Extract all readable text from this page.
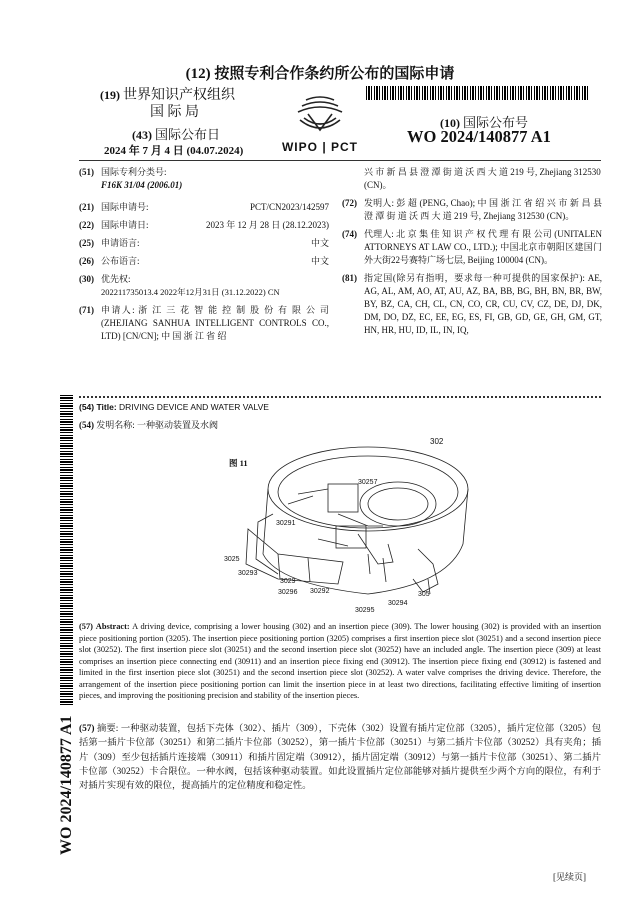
(12) 按照专利合作条约所公布的国际申请
(19) 世界知识产权组织
国 际 局
(43) 国际公布日
2024 年 7 月 4 日 (04.07.2024)	WIPO | PCT
(10) 国际公布号
WO 2024/140877 A1
(51) 国际专利分类号:
F16K 31/04 (2006.01)
(21) 国际申请号:	PCT/CN2023/142597
(22) 国际申请日:	2023 年 12 月 28 日 (28.12.2023)
(25) 申请语言:	中文
(26) 公布语言:	中文
(30) 优先权:
202211735013.4 2022年12月31日 (31.12.2022) CN
(71) 申请人: 浙 江 三 花 智 能 控 制 股 份 有 限 公 司 (ZHEJIANG SANHUA INTELLIGENT CONTROLS CO., LTD) [CN/CN]; 中 国 浙 江 省 绍
兴 市 新 昌 县 澄 潭 街 道 沃 西 大 道 219 号, Zhejiang 312530 (CN)。
(72) 发明人: 彭 超 (PENG, Chao); 中 国 浙 江 省 绍 兴 市 新 昌 县 澄 潭 街 道 沃 西 大 道 219 号, Zhejiang 312530 (CN)。
(74) 代理人: 北 京 集 佳 知 识 产 权 代 理 有 限 公司 (UNITALEN ATTORNEYS AT LAW CO., LTD.); 中国北京市朝阳区建国门外大街22号赛特广场七层, Beijing 100004 (CN)。
(81) 指定国(除另有指明，要求每一种可提供的国家保护): AE, AG, AL, AM, AO, AT, AU, AZ, BA, BB, BG, BH, BN, BR, BW, BY, BZ, CA, CH, CL, CN, CO, CR, CU, CV, CZ, DE, DJ, DK, DM, DO, DZ, EC, EE, EG, ES, FI, GB, GD, GE, GH, GM, GT, HN, HR, HU, ID, IL, IN, IQ,
WO 2024/140877 A1
(54) Title: DRIVING DEVICE AND WATER VALVE
(54) 发明名称: 一种驱动装置及水阀
图 11
302
30257
30291
3025
30293
3029
30296 30292	305
30294
30295

(57) Abstract: A driving device, comprising a lower housing (302) and an insertion piece (309). The lower housing (302) is provided with an insertion piece positioning portion (3205). The insertion piece positioning portion (3205) comprises a first insertion piece slot (30251) and a second insertion piece slot (30252). The first insertion piece slot (30251) and the second insertion piece slot (30252) have an included angle. The insertion piece (309) at least comprises an insertion piece connecting end (30911) and an insertion piece fixing end (30912). The insertion piece fixing end (30912) is fastened and limited in the first insertion piece slot (30251) and the second insertion piece slot (30252). A water valve comprises the driving device. Therefore, the arrangement of the insertion piece positioning portion can limit the insertion piece in at least two directions, facilitating effective limiting of insertion pieces, and improving the positioning precision and stability of the insertion pieces.

(57) 摘要: 一种驱动装置，包括下壳体（302）、插片（309），下壳体（302）设置有插片定位部（3205），插片定位部（3205）包括第一插片卡位部（30251）和第二插片卡位部（30252），第一插片卡位部（30251）与第二插片卡位部（30252）具有夹角；插片（309）至少包括插片连接端（30911）和插片固定端（30912），插片固定端（30912）与第一插片卡位部（30251）、第二插片卡位部（30252）卡合限位。一种水阀，包括该种驱动装置。如此设置插片定位部能够对插片提供至少两个方向的限位，有利于对插片实现有效的限位，提高插片的定位精度和稳定性。

[见续页]
